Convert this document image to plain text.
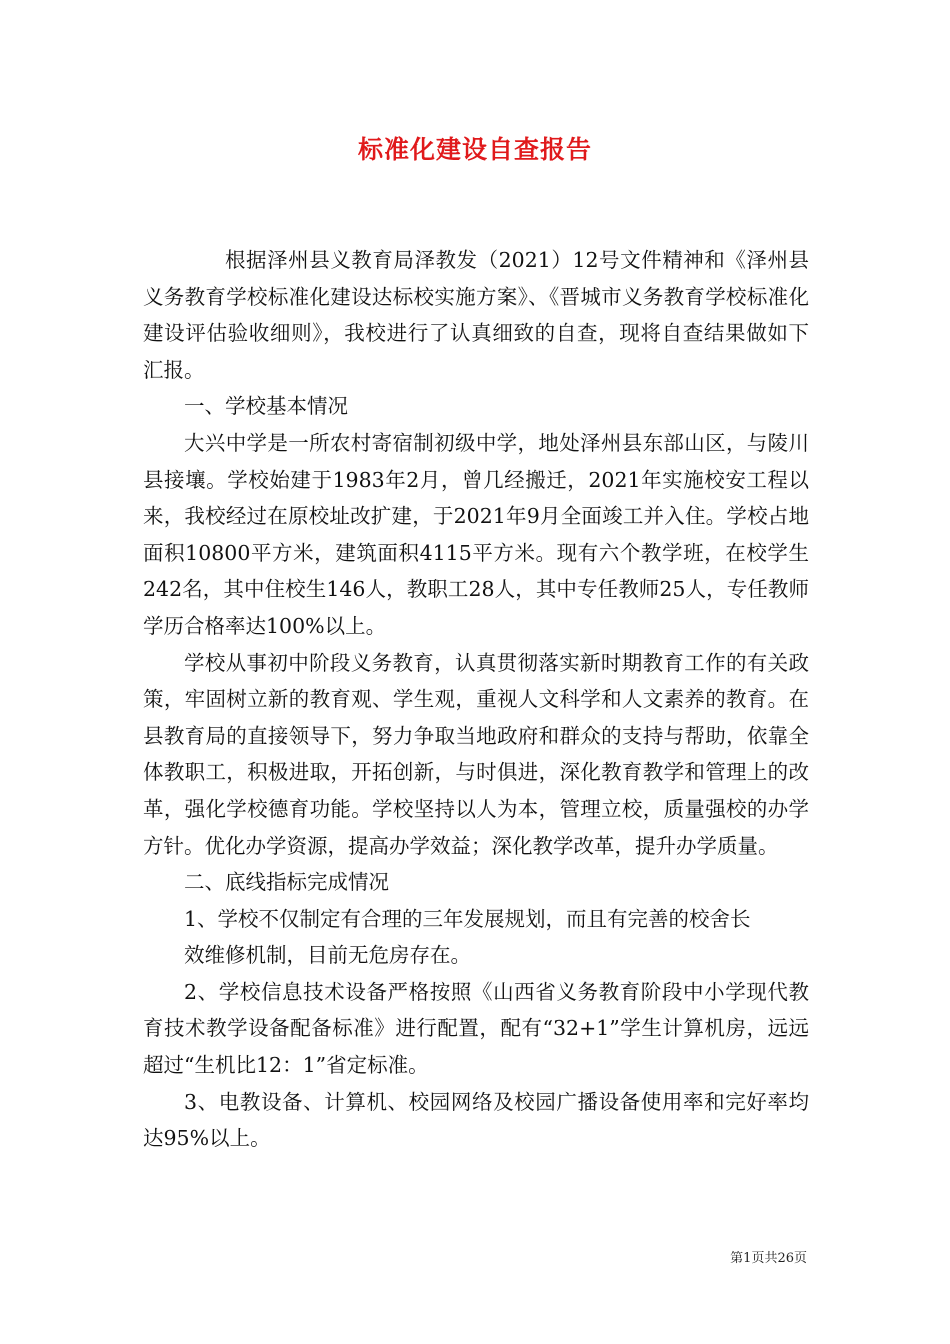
标准化建设自查报告

根据泽州县义教育局泽教发（2021）12号文件精神和《泽州县义务教育学校标准化建设达标校实施方案》、《晋城市义务教育学校标准化建设评估验收细则》，我校进行了认真细致的自查，现将自查结果做如下汇报。

一、学校基本情况

大兴中学是一所农村寄宿制初级中学，地处泽州县东部山区，与陵川县接壤。学校始建于1983年2月，曾几经搬迁，2021年实施校安工程以来，我校经过在原校址改扩建，于2021年9月全面竣工并入住。学校占地面积10800平方米，建筑面积4115平方米。现有六个教学班，在校学生242名，其中住校生146人，教职工28人，其中专任教师25人，专任教师学历合格率达100%以上。

学校从事初中阶段义务教育，认真贯彻落实新时期教育工作的有关政策，牢固树立新的教育观、学生观，重视人文科学和人文素养的教育。在县教育局的直接领导下，努力争取当地政府和群众的支持与帮助，依靠全体教职工，积极进取，开拓创新，与时俱进，深化教育教学和管理上的改革，强化学校德育功能。学校坚持以人为本，管理立校，质量强校的办学方针。优化办学资源，提高办学效益；深化教学改革，提升办学质量。

二、底线指标完成情况

1、学校不仅制定有合理的三年发展规划，而且有完善的校舍长

效维修机制，目前无危房存在。

2、学校信息技术设备严格按照《山西省义务教育阶段中小学现代教育技术教学设备配备标准》进行配置，配有“32+1”学生计算机房，远远超过“生机比12：1”省定标准。

3、电教设备、计算机、校园网络及校园广播设备使用率和完好率均达95%以上。

第1页共26页
